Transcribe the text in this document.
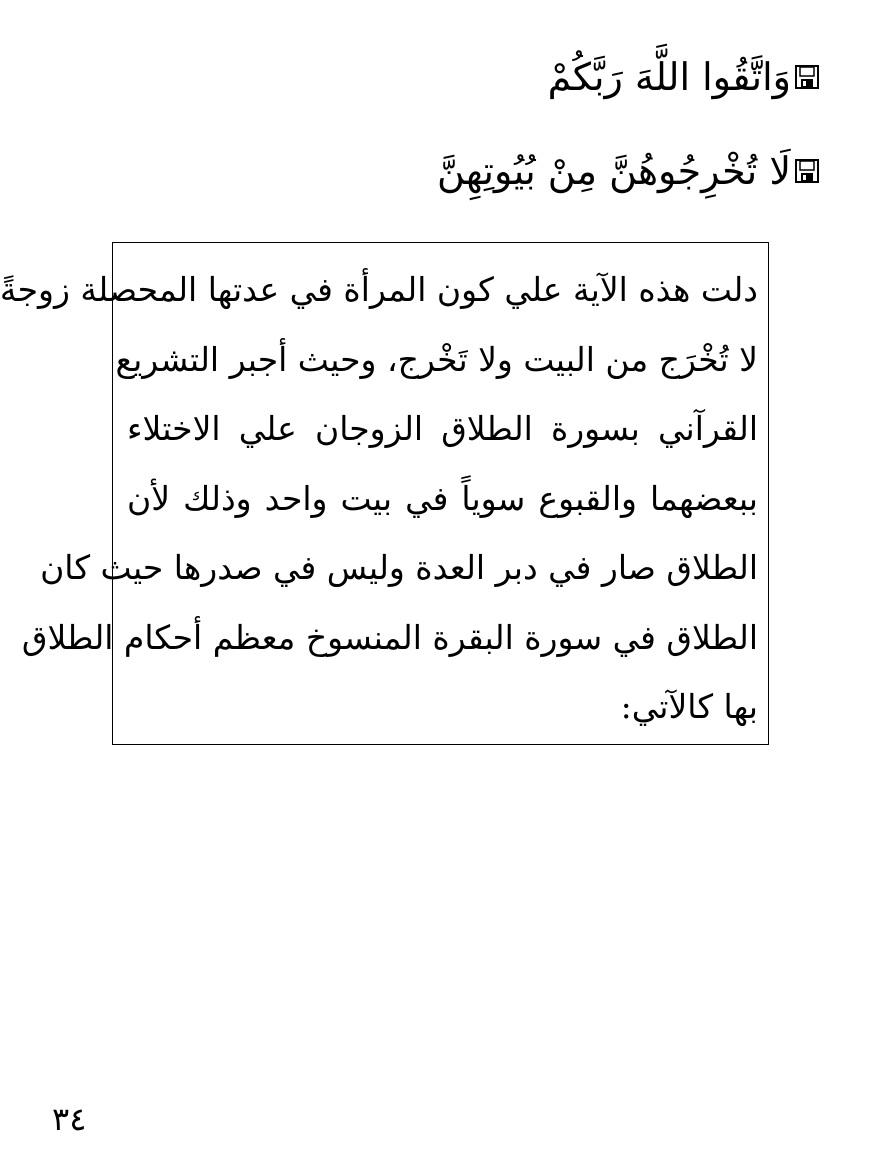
وَاتَّقُوا اللَّهَ رَبَّكُمْ
لَا تُخْرِجُوهُنَّ مِنْ بُيُوتِهِنَّ
دلت هذه الآية علي كون المرأة في عدتها المحصلة زوجةً
لا تُخْرَج من البيت ولا تَخْرج، وحيث أجبر التشريع
القرآني بسورة الطلاق الزوجان علي الاختلاء
ببعضهما والقبوع سوياً في بيت واحد وذلك لأن
الطلاق صار في دبر العدة وليس في صدرها حيث كان
الطلاق في سورة البقرة المنسوخ معظم أحكام الطلاق
بها كالآتي:
٣٤
